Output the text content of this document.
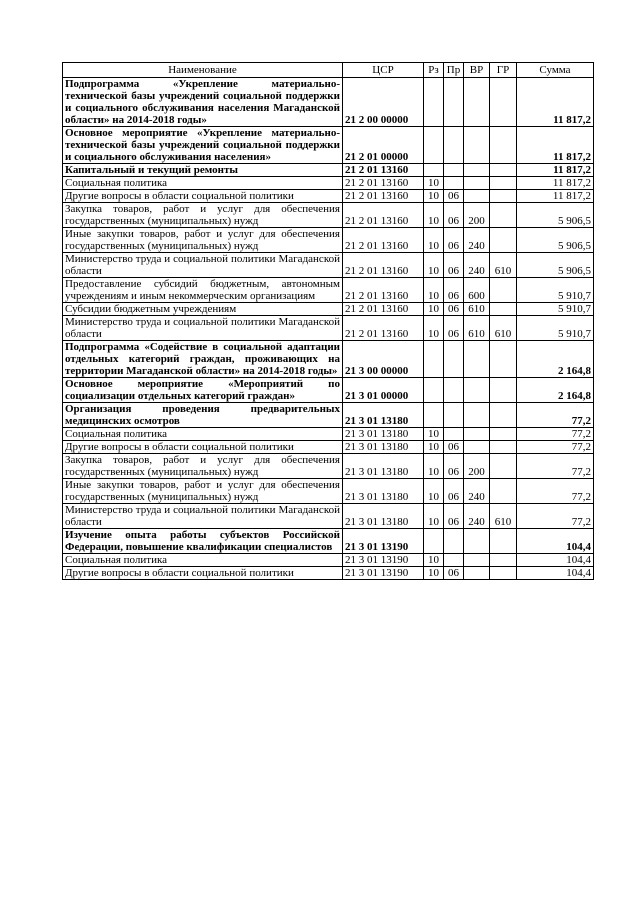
Наименование	ЦСР	Рз	Пр	ВР	ГР	Сумма
Подпрограмма «Укрепление материально-технической базы учреждений социальной поддержки и социального обслуживания населения Магаданской области» на 2014-2018 годы»	21 2 00 00000					11 817,2
Основное мероприятие «Укрепление материально-технической базы учреждений социальной поддержки и социального обслуживания населения»	21 2 01 00000					11 817,2
Капитальный и текущий ремонты	21 2 01 13160					11 817,2
Социальная политика	21 2 01 13160	10				11 817,2
Другие вопросы в области социальной политики	21 2 01 13160	10	06			11 817,2
Закупка товаров, работ и услуг для обеспечения государственных (муниципальных) нужд	21 2 01 13160	10	06	200		5 906,5
Иные закупки товаров, работ и услуг для обеспечения государственных (муниципальных) нужд	21 2 01 13160	10	06	240		5 906,5
Министерство труда и социальной политики Магаданской области	21 2 01 13160	10	06	240	610	5 906,5
Предоставление субсидий бюджетным, автономным учреждениям и иным некоммерческим организациям	21 2 01 13160	10	06	600		5 910,7
Субсидии бюджетным учреждениям	21 2 01 13160	10	06	610		5 910,7
Министерство труда и социальной политики Магаданской области	21 2 01 13160	10	06	610	610	5 910,7
Подпрограмма «Содействие в социальной адаптации отдельных категорий граждан, проживающих на территории Магаданской области» на 2014-2018 годы»	21 3 00 00000					2 164,8
Основное мероприятие «Мероприятий по социализации отдельных категорий граждан»	21 3 01 00000					2 164,8
Организация проведения предварительных медицинских осмотров	21 3 01 13180					77,2
Социальная политика	21 3 01 13180	10				77,2
Другие вопросы в области социальной политики	21 3 01 13180	10	06			77,2
Закупка товаров, работ и услуг для обеспечения государственных (муниципальных) нужд	21 3 01 13180	10	06	200		77,2
Иные закупки товаров, работ и услуг для обеспечения государственных (муниципальных) нужд	21 3 01 13180	10	06	240		77,2
Министерство труда и социальной политики Магаданской области	21 3 01 13180	10	06	240	610	77,2
Изучение опыта работы субъектов Российской Федерации, повышение квалификации специалистов	21 3 01 13190					104,4
Социальная политика	21 3 01 13190	10				104,4
Другие вопросы в области социальной политики	21 3 01 13190	10	06			104,4
